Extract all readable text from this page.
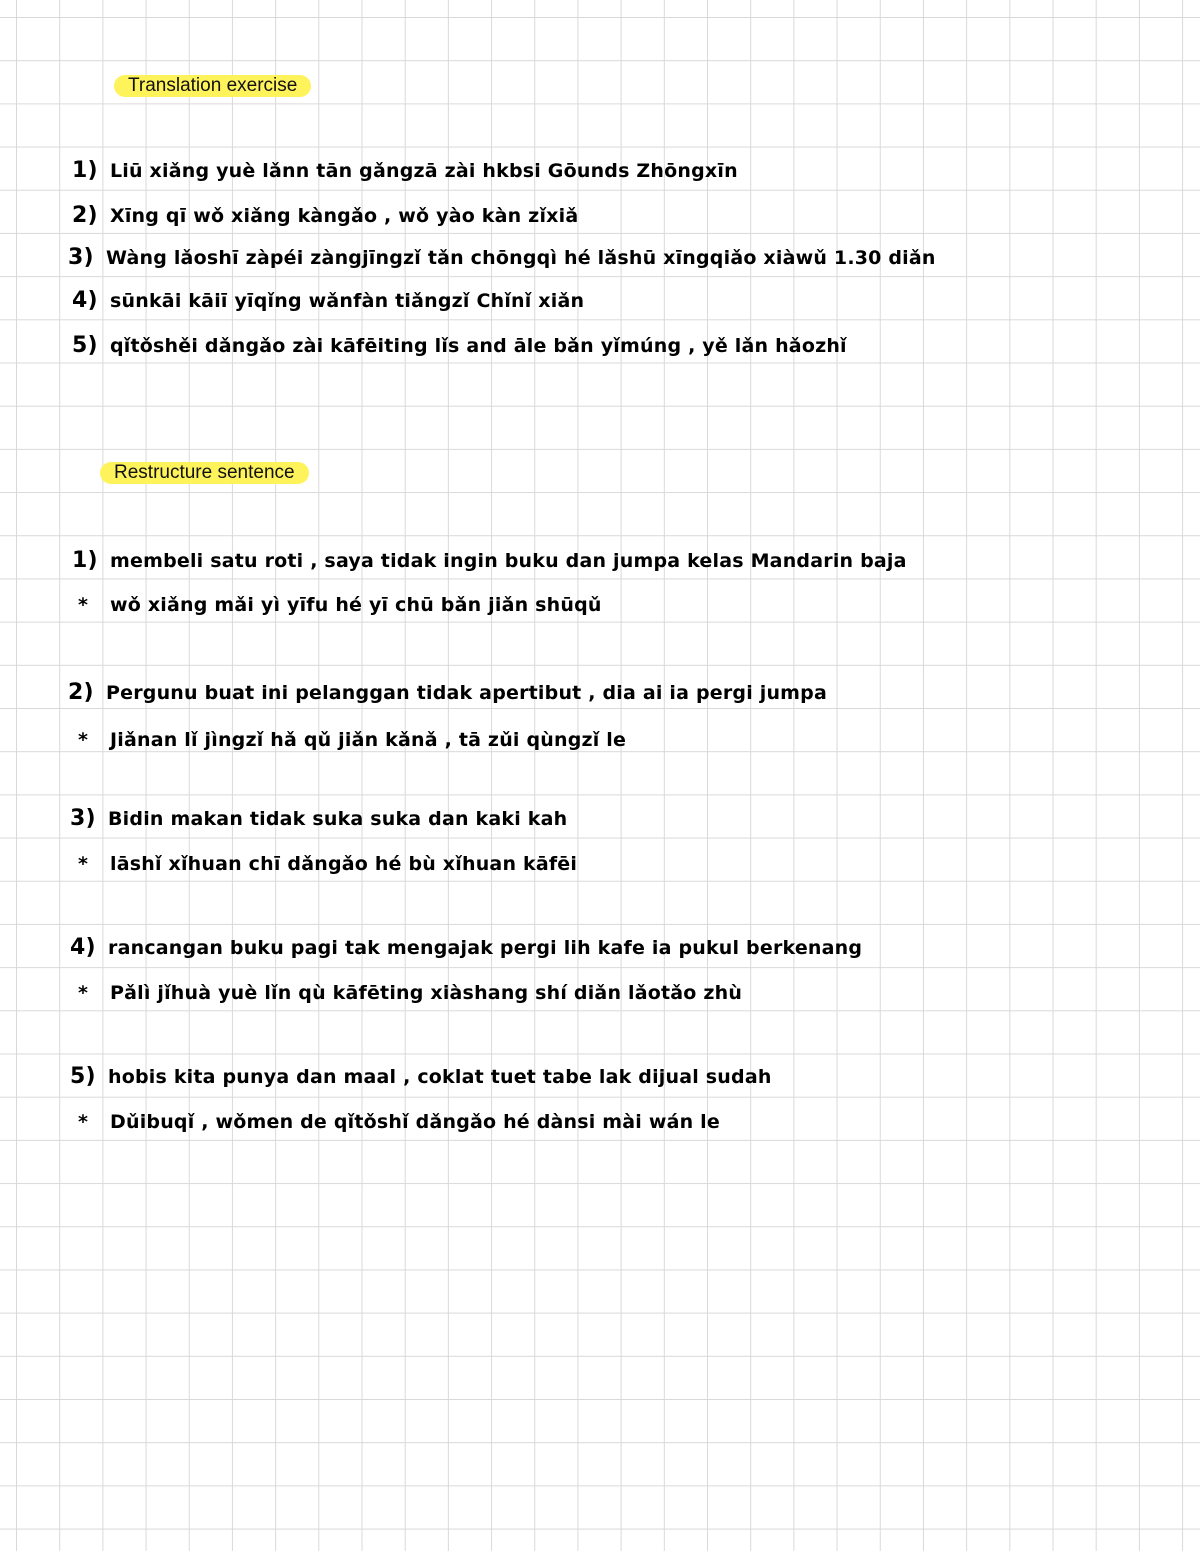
Translation exercise
1) Liū xiǎng yuè lǎnn tān gǎngzā zài hkbsi Gōunds Zhōngxīn
2) Xīng qī wǒ xiǎng kàngǎo , wǒ yào kàn zǐxiǎ
3) Wàng lǎoshī zàpéi zàngjīngzǐ tǎn chōngqì hé lǎshū xīngqiǎo xiàwǔ 1.30 diǎn
4) sūnkāi kāiī yīqǐng wǎnfàn tiǎngzǐ Chǐnǐ xiǎn
5) qǐtǒshěi dǎngǎo zài kāfēiting lǐs and āle bǎn yǐmúng , yě lǎn hǎozhǐ
Restructure sentence
1) membeli satu roti , saya tidak ingin buku dan jumpa kelas Mandarin baja
* wǒ xiǎng mǎi yì yīfu hé yī chū bǎn jiǎn shūqǔ
2) Pergunu buat ini pelanggan tidak apertibut , dia ai ia pergi jumpa
* Jiǎnan lǐ jìngzǐ hǎ qǔ jiǎn kǎnǎ , tā zǔi qùngzǐ le
3) Bidin makan tidak suka suka dan kaki kah
* lāshǐ xǐhuan chī dǎngǎo hé bù xǐhuan kāfēi
4) rancangan buku pagi tak mengajak pergi lih kafe ia pukul berkenang
* Pǎlì jǐhuà yuè lǐn qù kāfēting xiàshang shí diǎn lǎotǎo zhù
5) hobis kita punya dan maal , coklat tuet tabe lak dijual sudah
* Dǔibuqǐ , wǒmen de qǐtǒshǐ dǎngǎo hé dànsi mài wán le
